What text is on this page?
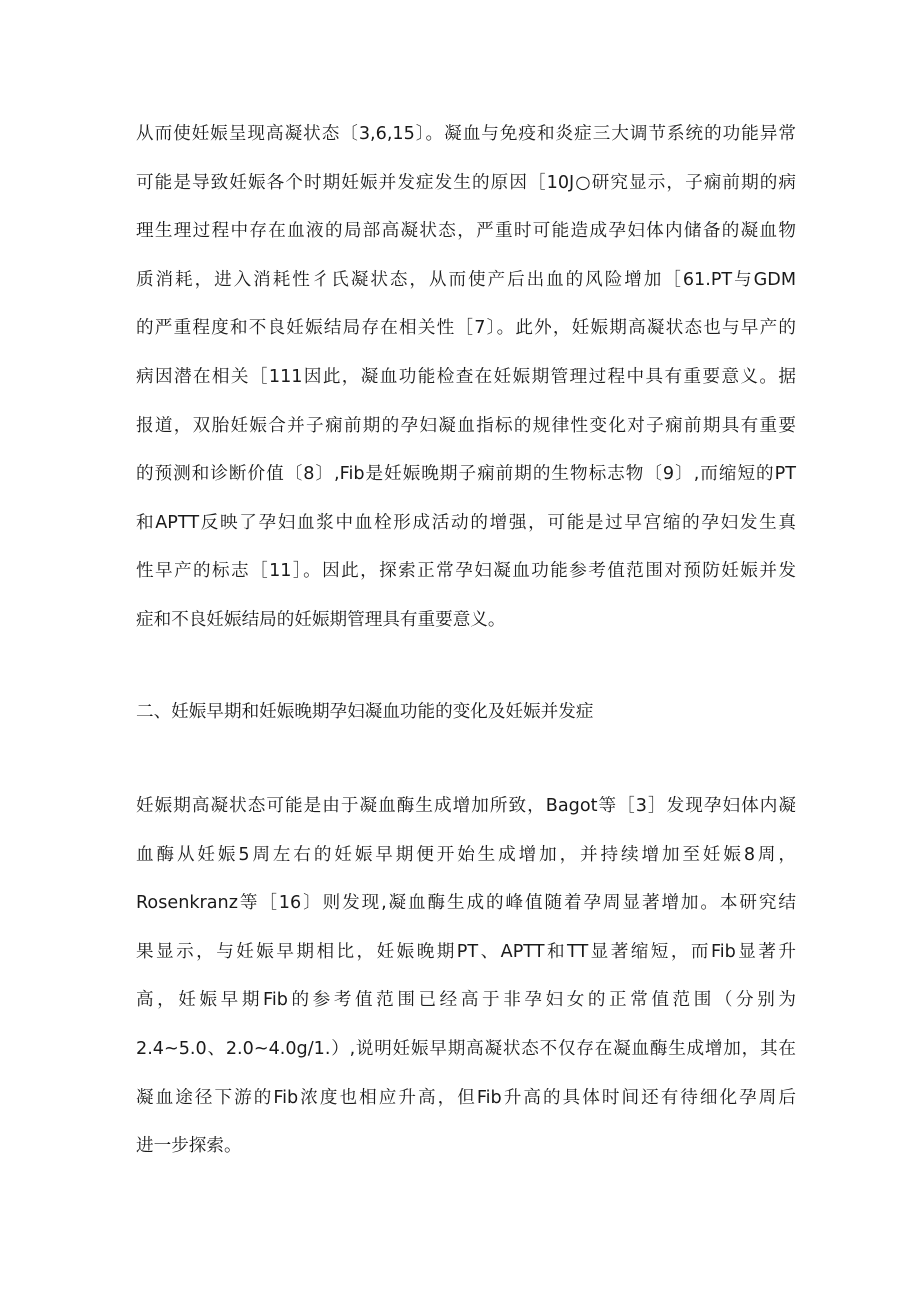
从而使妊娠呈现高凝状态〔3,6,15〕。凝血与免疫和炎症三大调节系统的功能异常
可能是导致妊娠各个时期妊娠并发症发生的原因［10J○研究显示，子痫前期的病
理生理过程中存在血液的局部高凝状态，严重时可能造成孕妇体内储备的凝血物
质消耗，进入消耗性彳氏凝状态，从而使产后出血的风险增加［61.PT与GDM
的严重程度和不良妊娠结局存在相关性［7〕。此外，妊娠期高凝状态也与早产的
病因潜在相关［111因此，凝血功能检查在妊娠期管理过程中具有重要意义。据
报道，双胎妊娠合并子痫前期的孕妇凝血指标的规律性变化对子痫前期具有重要
的预测和诊断价值〔8〕,Fib是妊娠晚期子痫前期的生物标志物〔9〕,而缩短的PT
和APTT反映了孕妇血浆中血栓形成活动的增强，可能是过早宫缩的孕妇发生真
性早产的标志［11］。因此，探索正常孕妇凝血功能参考值范围对预防妊娠并发
症和不良妊娠结局的妊娠期管理具有重要意义。
二、妊娠早期和妊娠晚期孕妇凝血功能的变化及妊娠并发症
妊娠期高凝状态可能是由于凝血酶生成增加所致，Bagot等［3］发现孕妇体内凝
血酶从妊娠5周左右的妊娠早期便开始生成增加，并持续增加至妊娠8周，
Rosenkranz等［16〕则发现,凝血酶生成的峰值随着孕周显著增加。本研究结
果显示，与妊娠早期相比，妊娠晚期PT、APTT和TT显著缩短，而Fib显著升
高，妊娠早期Fib的参考值范围已经高于非孕妇女的正常值范围（分别为
2.4~5.0、2.0~4.0g/1.）,说明妊娠早期高凝状态不仅存在凝血酶生成增加，其在
凝血途径下游的Fib浓度也相应升高，但Fib升高的具体时间还有待细化孕周后
进一步探索。
